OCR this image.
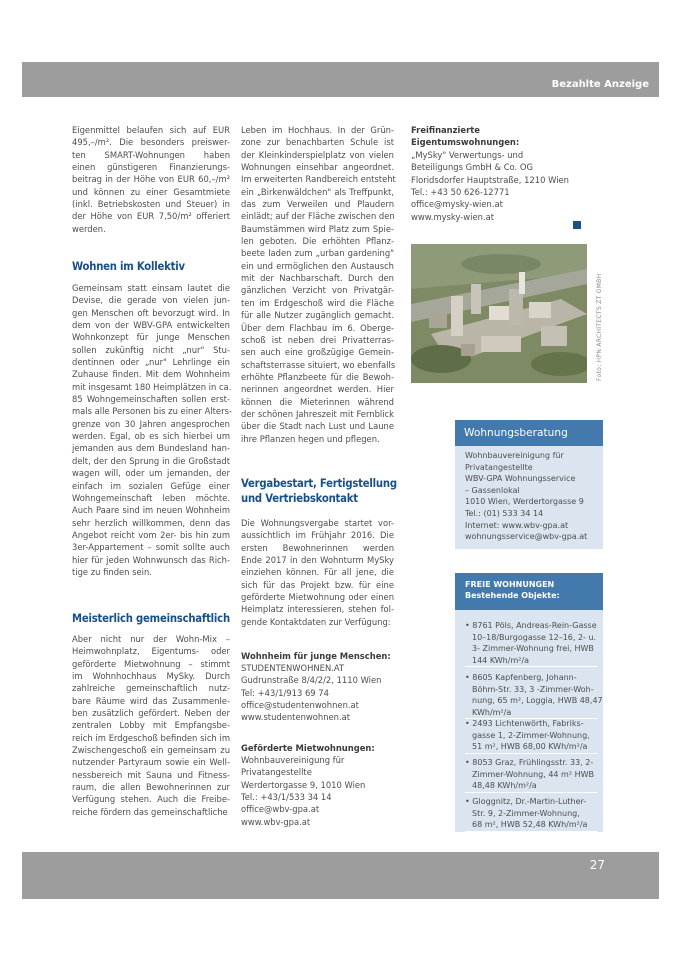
Bezahlte Anzeige
Eigenmittel belaufen sich auf EUR
495,–/m². Die besonders preiswer-
ten SMART-Wohnungen haben
einen günstigeren Finanzierungs-
beitrag in der Höhe von EUR 60,–/m²
und können zu einer Gesamtmiete
(inkl. Betriebskosten und Steuer) in
der Höhe von EUR 7,50/m² offeriert
werden.
Wohnen im Kollektiv
Gemeinsam statt einsam lautet die
Devise, die gerade von vielen jun-
gen Menschen oft bevorzugt wird. In
dem von der WBV-GPA entwickelten
Wohnkonzept für junge Menschen
sollen zukünftig nicht „nur" Stu-
dentinnen oder „nur" Lehrlinge ein
Zuhause finden. Mit dem Wohnheim
mit insgesamt 180 Heimplätzen in ca.
85 Wohngemeinschaften sollen erst-
mals alle Personen bis zu einer Alters-
grenze von 30 Jahren angesprochen
werden. Egal, ob es sich hierbei um
jemanden aus dem Bundesland han-
delt, der den Sprung in die Großstadt
wagen will, oder um jemanden, der
einfach im sozialen Gefüge einer
Wohngemeinschaft leben möchte.
Auch Paare sind im neuen Wohnheim
sehr herzlich willkommen, denn das
Angebot reicht vom 2er- bis hin zum
3er-Appartement – somit sollte auch
hier für jeden Wohnwunsch das Rich-
tige zu finden sein.
Meisterlich gemeinschaftlich
Aber nicht nur der Wohn-Mix –
Heimwohnplatz, Eigentums- oder
geförderte Mietwohnung – stimmt
im Wohnhochhaus MySky. Durch
zahlreiche gemeinschaftlich nutz-
bare Räume wird das Zusammenle-
ben zusätzlich gefördert. Neben der
zentralen Lobby mit Empfangsbe-
reich im Erdgeschoß befinden sich im
Zwischengeschoß ein gemeinsam zu
nutzender Partyraum sowie ein Well-
nessbereich mit Sauna und Fitness-
raum, die allen Bewohnerinnen zur
Verfügung stehen. Auch die Freibe-
reiche fördern das gemeinschaftliche
Leben im Hochhaus. In der Grün-
zone zur benachbarten Schule ist
der Kleinkinderspielplatz von vielen
Wohnungen einsehbar angeordnet.
Im erweiterten Randbereich entsteht
ein „Birkenwäldchen" als Treffpunkt,
das zum Verweilen und Plaudern
einlädt; auf der Fläche zwischen den
Baumstämmen wird Platz zum Spie-
len geboten. Die erhöhten Pflanz-
beete laden zum „urban gardening"
ein und ermöglichen den Austausch
mit der Nachbarschaft. Durch den
gänzlichen Verzicht von Privatgär-
ten im Erdgeschoß wird die Fläche
für alle Nutzer zugänglich gemacht.
Über dem Flachbau im 6. Oberge-
schoß ist neben drei Privatterras-
sen auch eine großzügige Gemein-
schaftsterrasse situiert, wo ebenfalls
erhöhte Pflanzbeete für die Bewoh-
nerinnen angeordnet werden. Hier
können die Mieterinnen während
der schönen Jahreszeit mit Fernblick
über die Stadt nach Lust und Laune
ihre Pflanzen hegen und pflegen.
Vergabestart, Fertigstellung
und Vertriebskontakt
Die Wohnungsvergabe startet vor-
aussichtlich im Frühjahr 2016. Die
ersten Bewohnerinnen werden
Ende 2017 in den Wohnturm MySky
einziehen können. Für all jene, die
sich für das Projekt bzw. für eine
geförderte Mietwohnung oder einen
Heimplatz interessieren, stehen fol-
gende Kontaktdaten zur Verfügung:
Wohnheim für junge Menschen:
STUDENTENWOHNEN.AT
Gudrunstraße 8/4/2/2, 1110 Wien
Tel: +43/1/913 69 74
office@studentenwohnen.at
www.studentenwohnen.at
Geförderte Mietwohnungen:
Wohnbauvereinigung für
Privatangestellte
Werdertorgasse 9, 1010 Wien
Tel.: +43/1/533 34 14
office@wbv-gpa.at
www.wbv-gpa.at
Freifinanzierte
Eigentumswohnungen:
„MySky" Verwertungs- und
Beteiligungs GmbH & Co. OG
Floridsdorfer Hauptstraße, 1210 Wien
Tel.: +43 50 626-12771
office@mysky-wien.at
www.mysky-wien.at
Foto: HPN ARCHITECTS ZT GMBH
Wohnungsberatung
Wohnbauvereinigung für
Privatangestellte
WBV-GPA Wohnungsservice
– Gassenlokal
1010 Wien, Werdertorgasse 9
Tel.: (01) 533 34 14
Internet: www.wbv-gpa.at
wohnungsservice@wbv-gpa.at
FREIE WOHNUNGEN
Bestehende Objekte:
• 8761 Pöls, Andreas-Rein-Gasse
10–18/Burgogasse 12–16, 2- u.
3- Zimmer-Wohnung frei, HWB
144 KWh/m²/a
• 8605 Kapfenberg, Johann-
Böhm-Str. 33, 3 -Zimmer-Woh-
nung, 65 m², Loggia, HWB 48,47
KWh/m²/a
• 2493 Lichtenwörth, Fabriks-
gasse 1, 2-Zimmer-Wohnung,
51 m², HWB 68,00 KWh/m²/a
• 8053 Graz, Frühlingsstr. 33, 2-
Zimmer-Wohnung, 44 m² HWB
48,48 KWh/m²/a
• Gloggnitz, Dr.-Martin-Luther-
Str. 9, 2-Zimmer-Wohnung,
68 m², HWB 52,48 KWh/m²/a
27
